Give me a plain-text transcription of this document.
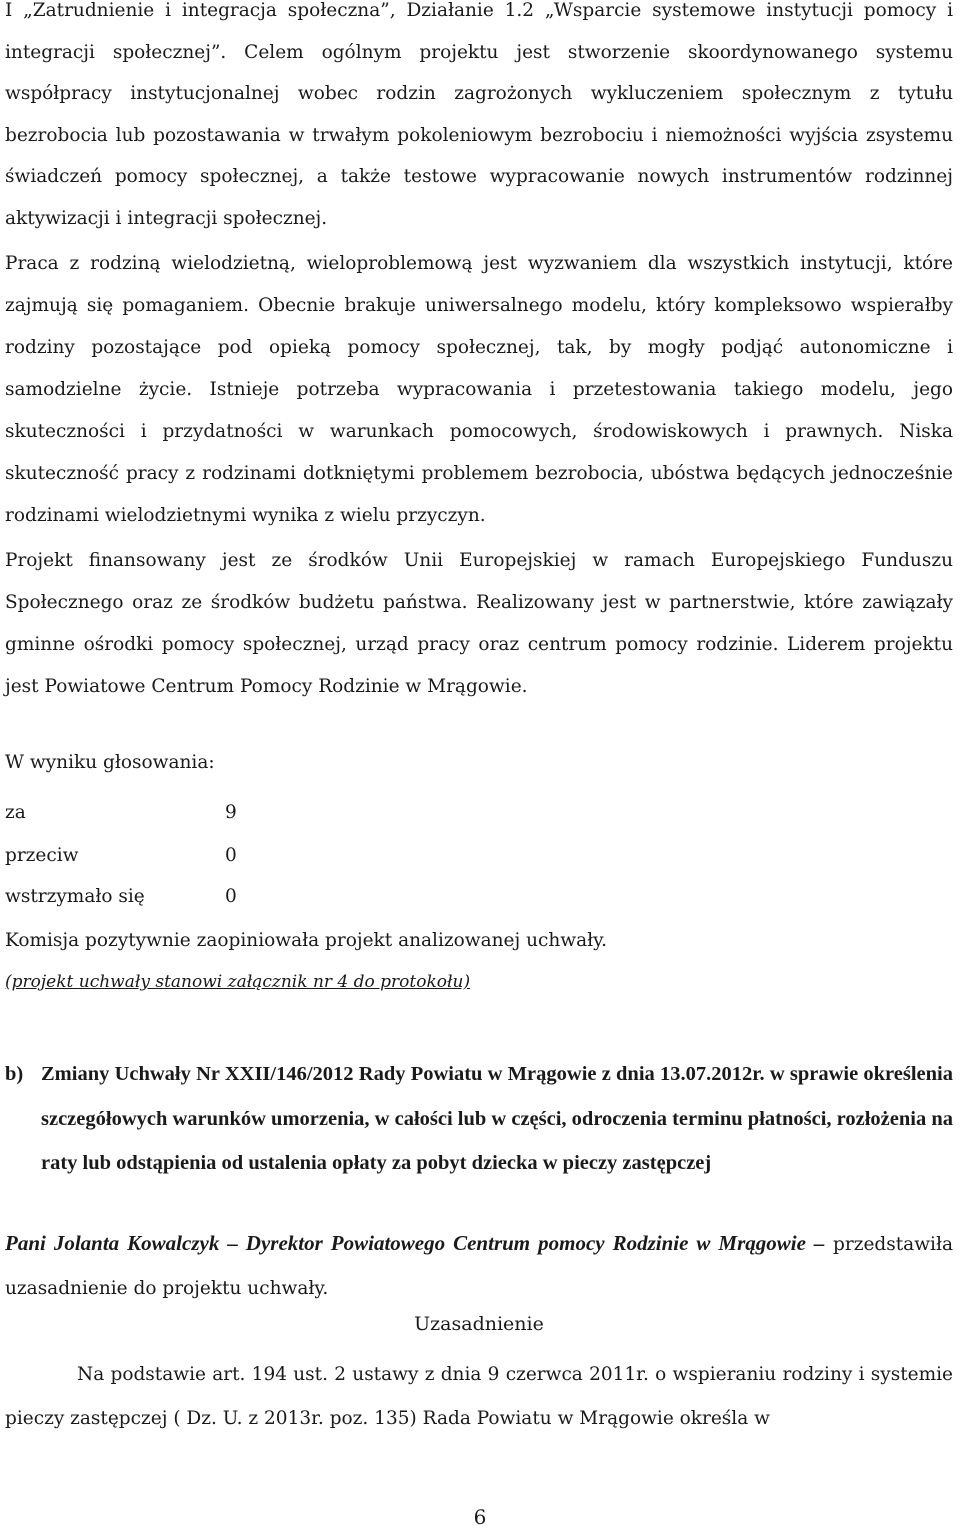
I „Zatrudnienie i integracja społeczna”, Działanie 1.2 „Wsparcie systemowe instytucji pomocy i integracji społecznej”. Celem ogólnym projektu jest stworzenie skoordynowanego systemu współpracy instytucjonalnej wobec rodzin zagrożonych wykluczeniem społecznym z tytułu bezrobocia lub pozostawania w trwałym pokoleniowym bezrobociu i niemożności wyjścia zsystemu świadczeń pomocy społecznej, a także testowe wypracowanie nowych instrumentów rodzinnej aktywizacji i integracji społecznej.

Praca z rodziną wielodzietną, wieloproblemową jest wyzwaniem dla wszystkich instytucji, które zajmują się pomaganiem. Obecnie brakuje uniwersalnego modelu, który kompleksowo wspierałby rodziny pozostające pod opieką pomocy społecznej, tak, by mogły podjąć autonomiczne i samodzielne życie. Istnieje potrzeba wypracowania i przetestowania takiego modelu, jego skuteczności i przydatności w warunkach pomocowych, środowiskowych i prawnych. Niska skuteczność pracy z rodzinami dotkniętymi problemem bezrobocia, ubóstwa będących jednocześnie rodzinami wielodzietnymi wynika z wielu przyczyn.

Projekt finansowany jest ze środków Unii Europejskiej w ramach Europejskiego Funduszu Społecznego oraz ze środków budżetu państwa. Realizowany jest w partnerstwie, które zawiązały gminne ośrodki pomocy społecznej, urząd pracy oraz centrum pomocy rodzinie. Liderem projektu jest Powiatowe Centrum Pomocy Rodzinie w Mrągowie.

W wyniku głosowania:
za	9
przeciw	0
wstrzymało się	0
Komisja pozytywnie zaopiniowała projekt analizowanej uchwały.
(projekt uchwały stanowi załącznik nr 4 do protokołu)
b) Zmiany Uchwały Nr XXII/146/2012 Rady Powiatu w Mrągowie z dnia 13.07.2012r. w sprawie określenia szczegółowych warunków umorzenia, w całości lub w części, odroczenia terminu płatności, rozłożenia na raty lub odstąpienia od ustalenia opłaty za pobyt dziecka w pieczy zastępczej
Pani Jolanta Kowalczyk – Dyrektor Powiatowego Centrum pomocy Rodzinie w Mrągowie – przedstawiła uzasadnienie do projektu uchwały.
Uzasadnienie
Na podstawie art. 194 ust. 2 ustawy z dnia 9 czerwca 2011r. o wspieraniu rodziny i systemie pieczy zastępczej ( Dz. U. z 2013r. poz. 135) Rada Powiatu w Mrągowie określa w
6
